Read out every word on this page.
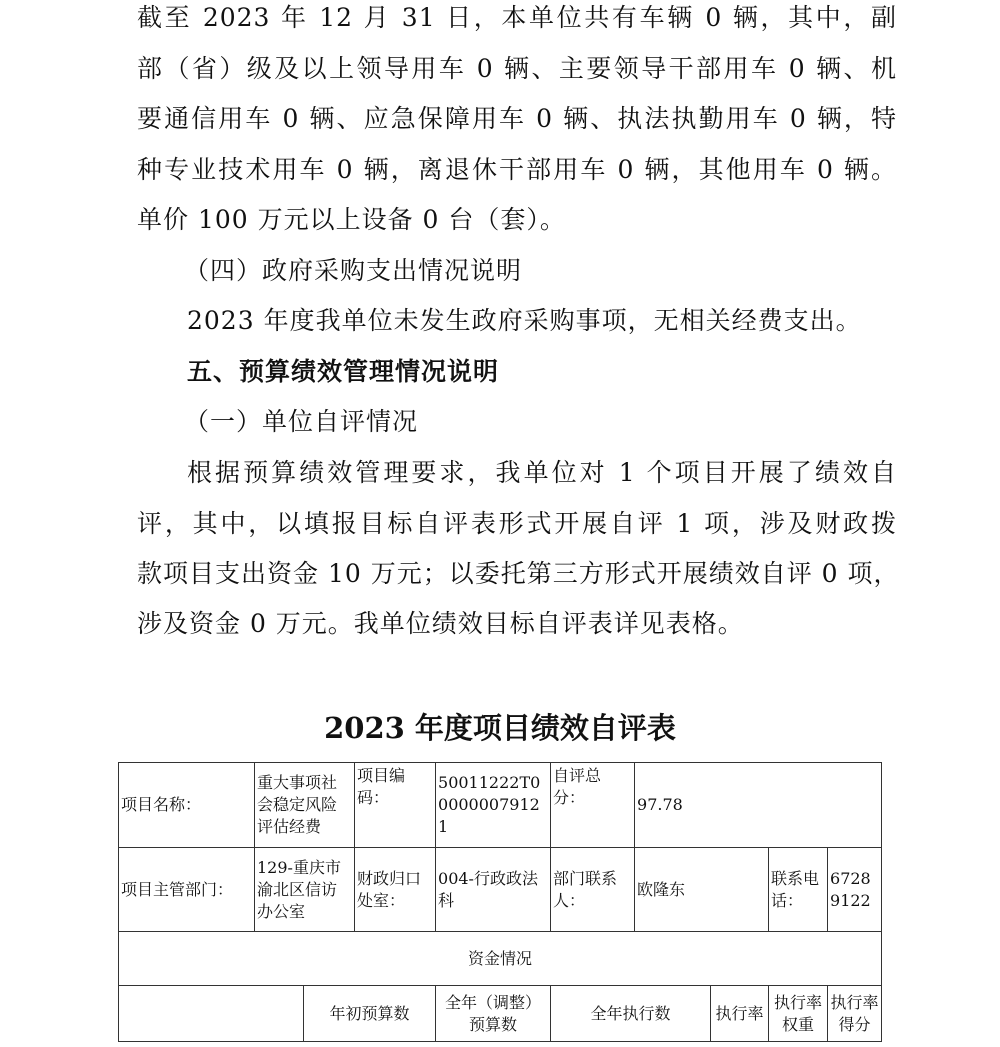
截至 2023 年 12 月 31 日，本单位共有车辆 0 辆，其中，副
部（省）级及以上领导用车 0 辆、主要领导干部用车 0 辆、机
要通信用车 0 辆、应急保障用车 0 辆、执法执勤用车 0 辆，特
种专业技术用车 0 辆，离退休干部用车 0 辆，其他用车 0 辆。
单价 100 万元以上设备 0 台（套）。
（四）政府采购支出情况说明
2023 年度我单位未发生政府采购事项，无相关经费支出。
五、预算绩效管理情况说明
（一）单位自评情况
根据预算绩效管理要求，我单位对 1 个项目开展了绩效自
评，其中，以填报目标自评表形式开展自评 1 项，涉及财政拨
款项目支出资金 10 万元；以委托第三方形式开展绩效自评 0 项，
涉及资金 0 万元。我单位绩效目标自评表详见表格。
2023 年度项目绩效自评表
项目名称：	重大事项社会稳定风险评估经费		项目编码：	50011222T000000079121	自评总分：	97.78			
项目主管部门：	129-重庆市渝北区信访办公室		财政归口处室：	004-行政政法科	部门联系人：	欧隆东		联系电话：	67289122
资金情况									
		年初预算数		全年（调整）预算数	全年执行数		执行率	执行率权重	执行率得分
